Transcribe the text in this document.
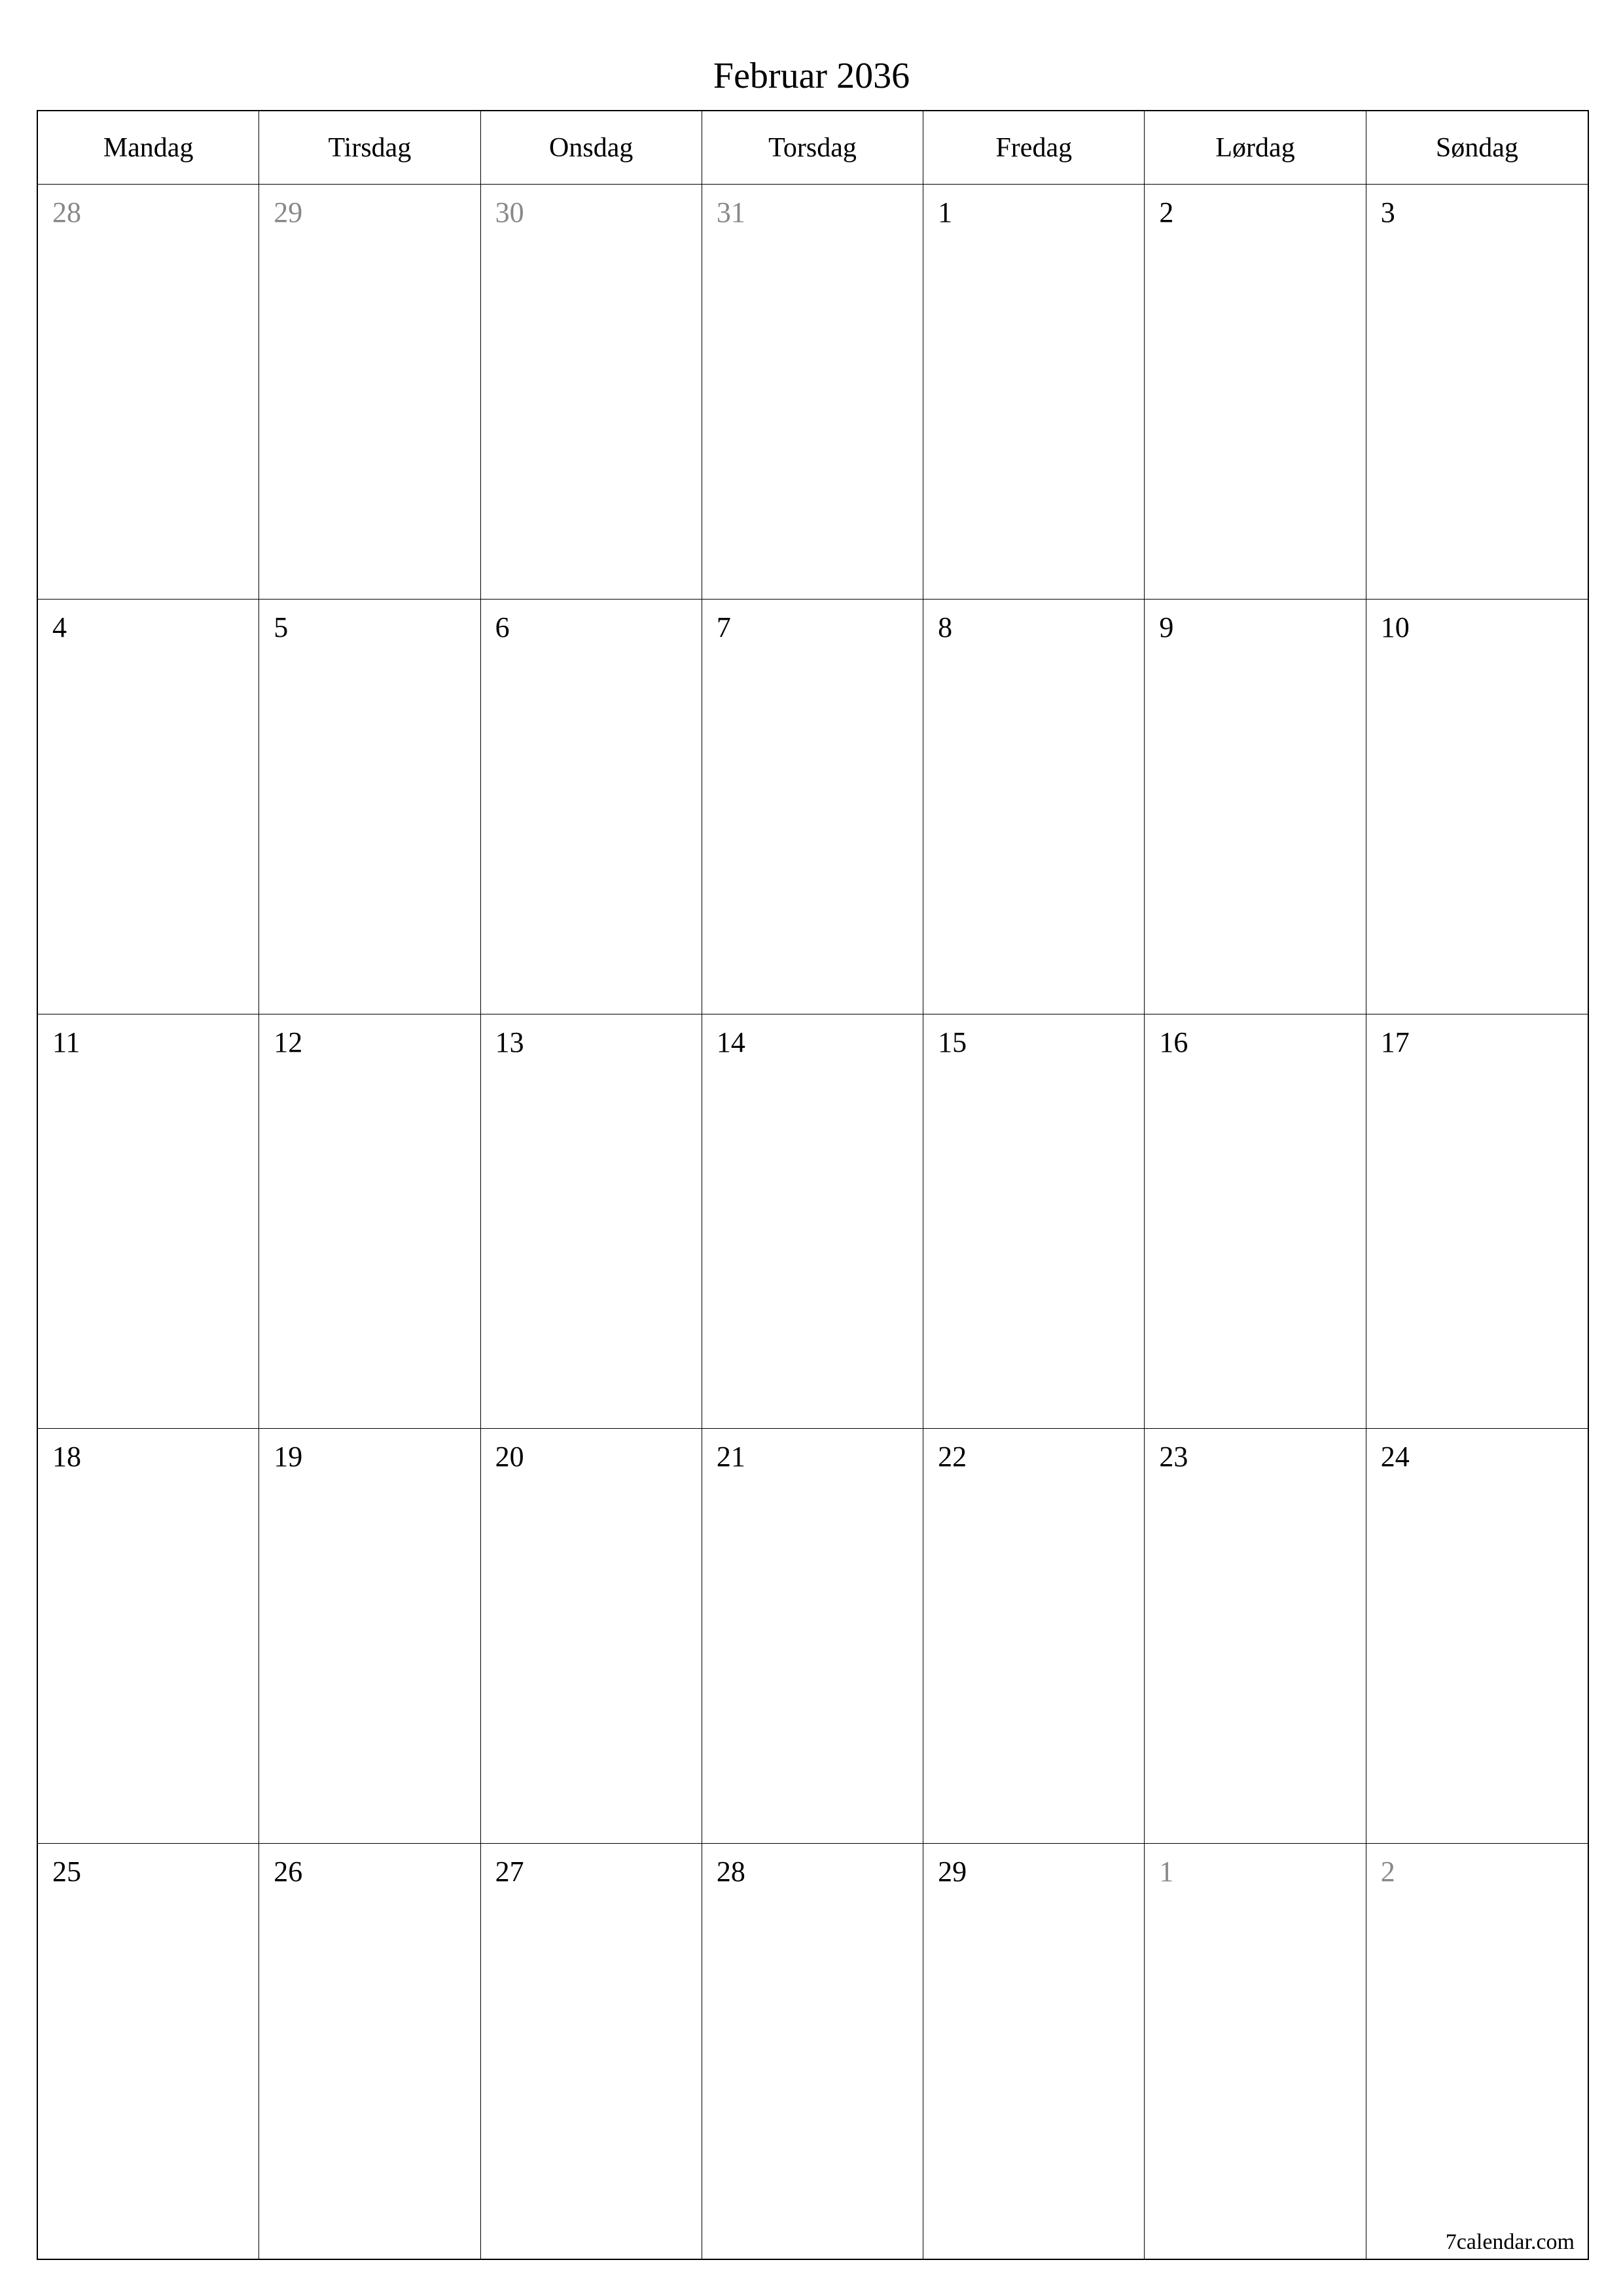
Februar 2036
Mandag	Tirsdag	Onsdag	Torsdag	Fredag	Lørdag	Søndag
28	29	30	31	1	2	3
4	5	6	7	8	9	10
11	12	13	14	15	16	17
18	19	20	21	22	23	24
25	26	27	28	29	1	2
7calendar.com
